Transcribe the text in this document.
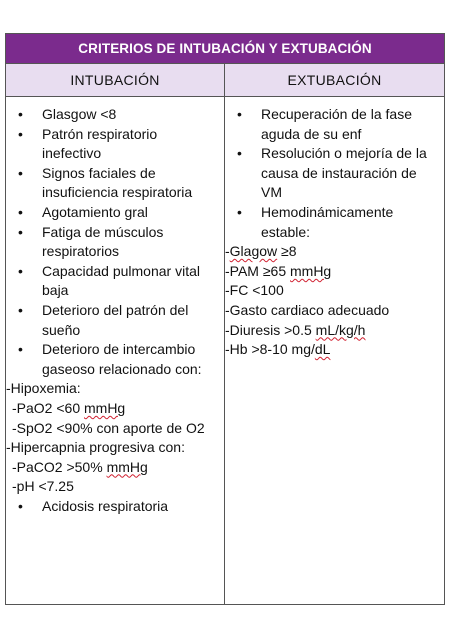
CRITERIOS DE INTUBACIÓN Y EXTUBACIÓN
INTUBACIÓN	EXTUBACIÓN
• Glasgow <8
• Patrón respiratorio inefectivo
• Signos faciales de insuficiencia respiratoria
• Agotamiento gral
• Fatiga de músculos respiratorios
• Capacidad pulmonar vital baja
• Deterioro del patrón del sueño
• Deterioro de intercambio gaseoso relacionado con:
-Hipoxemia:
-PaO2 <60 mmHg
-SpO2 <90% con aporte de O2
-Hipercapnia progresiva con:
-PaCO2 >50% mmHg
-pH <7.25
• Acidosis respiratoria
• Recuperación de la fase aguda de su enf
• Resolución o mejoría de la causa de instauración de VM
• Hemodinámicamente estable:
-Glagow ≥8
-PAM ≥65 mmHg
-FC <100
-Gasto cardiaco adecuado
-Diuresis >0.5 mL/kg/h
-Hb >8-10 mg/dL
